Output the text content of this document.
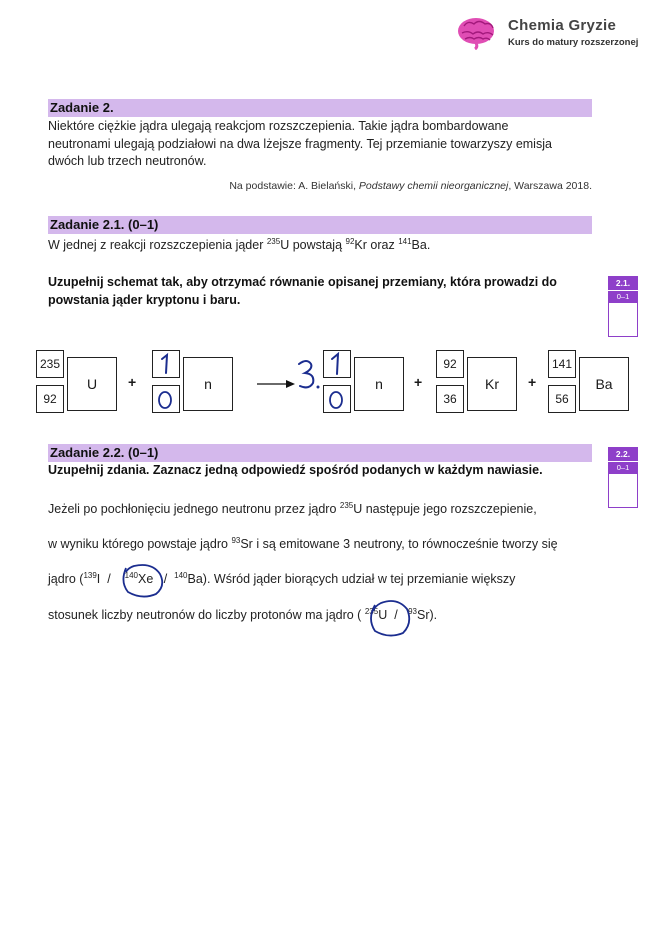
Chemia Gryzie
Kurs do matury rozszerzonej
Zadanie 2.
Niektóre ciężkie jądra ulegają reakcjom rozszczepienia. Takie jądra bombardowane
neutronami ulegają podziałowi na dwa lżejsze fragmenty. Tej przemianie towarzyszy emisja
dwóch lub trzech neutronów.
Na podstawie: A. Bielański, Podstawy chemii nieorganicznej, Warszawa 2018.
Zadanie 2.1. (0–1)
W jednej z reakcji rozszczepienia jąder $^{235}$U powstają $^{92}$Kr oraz $^{141}$Ba.
Uzupełnij schemat tak, aby otrzymać równanie opisanej przemiany, która prowadzi do powstania jąder kryptonu i baru.
2.1.
0–1
235
92
U	+	n	n	+
92
36
Kr	+
141
56
Ba
Zadanie 2.2. (0–1)
Uzupełnij zdania. Zaznacz jedną odpowiedź spośród podanych w każdym nawiasie.
2.2.
0–1
Jeżeli po pochłonięciu jednego neutronu przez jądro $^{235}$U następuje jego rozszczepienie,
w wyniku którego powstaje jądro $^{93}$Sr i są emitowane 3 neutrony, to równocześnie tworzy się
jądro ($^{139}$I / $^{140}$Xe / $^{140}$Ba). Wśród jąder biorących udział w tej przemianie większy
stosunek liczby neutronów do liczby protonów ma jądro ( $^{235}$U / $^{93}$Sr).
